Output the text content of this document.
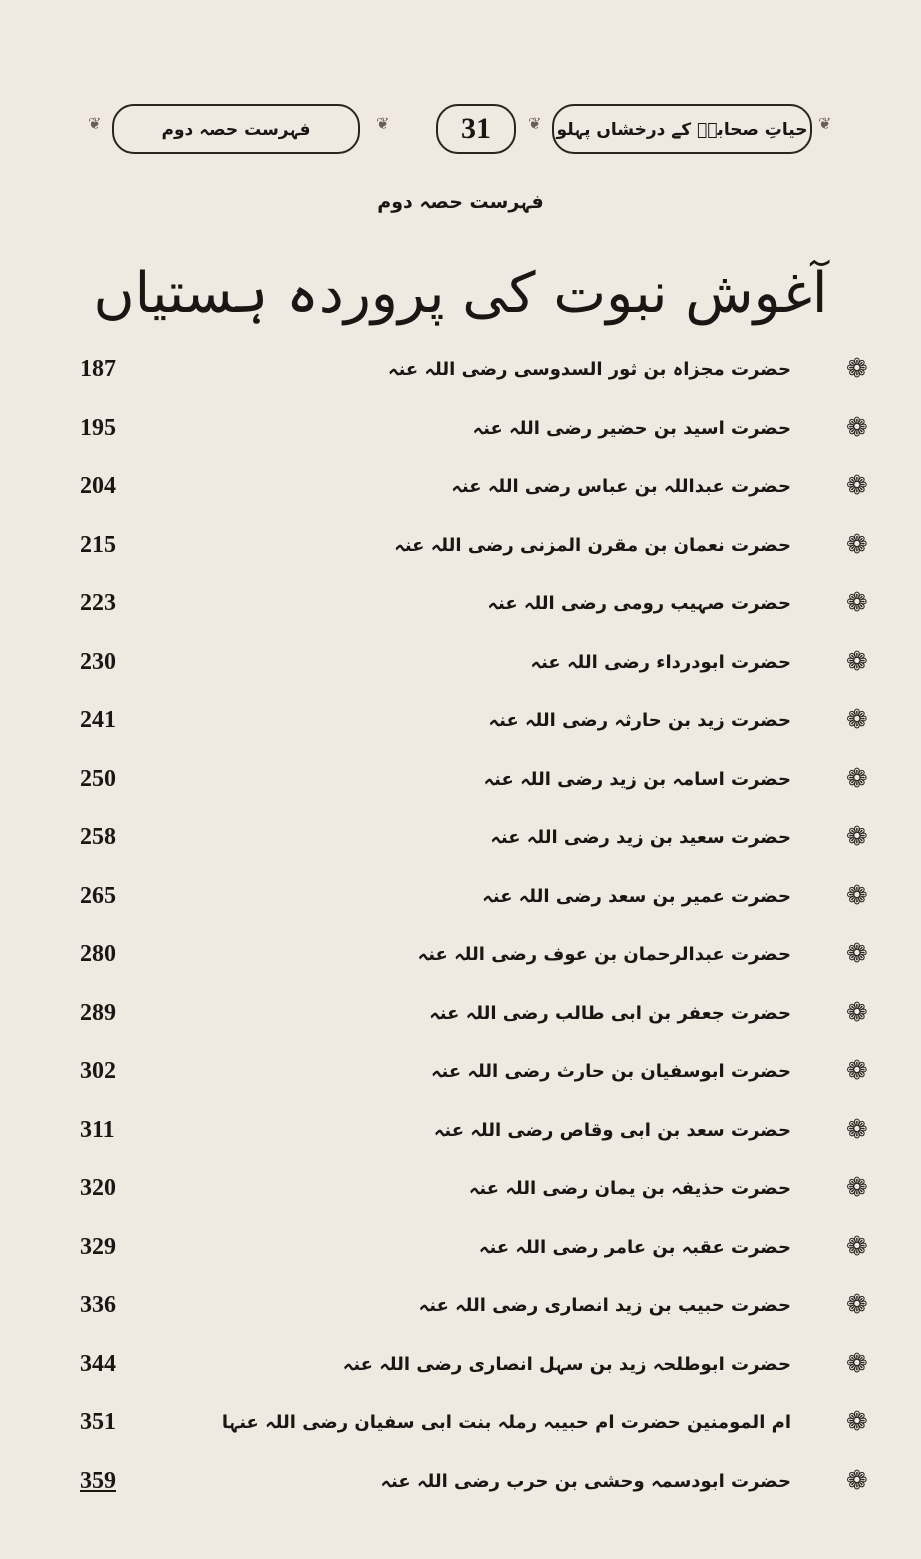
فہرست حصہ دوم
❦	❦ 31 ❦	❦
حیاتِ صحابہؓ کے درخشاں پہلو
فہرست حصہ دوم
آغوش نبوت کی پروردہ ہستیاں
187	حضرت مجزاہ بن ثور السدوسی رضی اللہ عنہ ❁
195	حضرت اسید بن حضیر رضی اللہ عنہ ❁
204	حضرت عبداللہ بن عباس رضی اللہ عنہ ❁
215	حضرت نعمان بن مقرن المزنی رضی اللہ عنہ ❁
223	حضرت صہیب رومی رضی اللہ عنہ ❁
230	حضرت ابودرداء رضی اللہ عنہ ❁
241	حضرت زید بن حارثہ رضی اللہ عنہ ❁
250	حضرت اسامہ بن زید رضی اللہ عنہ ❁
258	حضرت سعید بن زید رضی اللہ عنہ ❁
265	حضرت عمیر بن سعد رضی اللہ عنہ ❁
280	حضرت عبدالرحمان بن عوف رضی اللہ عنہ ❁
289	حضرت جعفر بن ابی طالب رضی اللہ عنہ ❁
302	حضرت ابوسفیان بن حارث رضی اللہ عنہ ❁
311	حضرت سعد بن ابی وقاص رضی اللہ عنہ ❁
320	حضرت حذیفہ بن یمان رضی اللہ عنہ ❁
329	حضرت عقبہ بن عامر رضی اللہ عنہ ❁
336	حضرت حبیب بن زید انصاری رضی اللہ عنہ ❁
344	حضرت ابوطلحہ زید بن سہل انصاری رضی اللہ عنہ ❁
351	ام المومنین حضرت ام حبیبہ رملہ بنت ابی سفیان رضی اللہ عنہا ❁
359	حضرت ابودسمہ وحشی بن حرب رضی اللہ عنہ ❁
